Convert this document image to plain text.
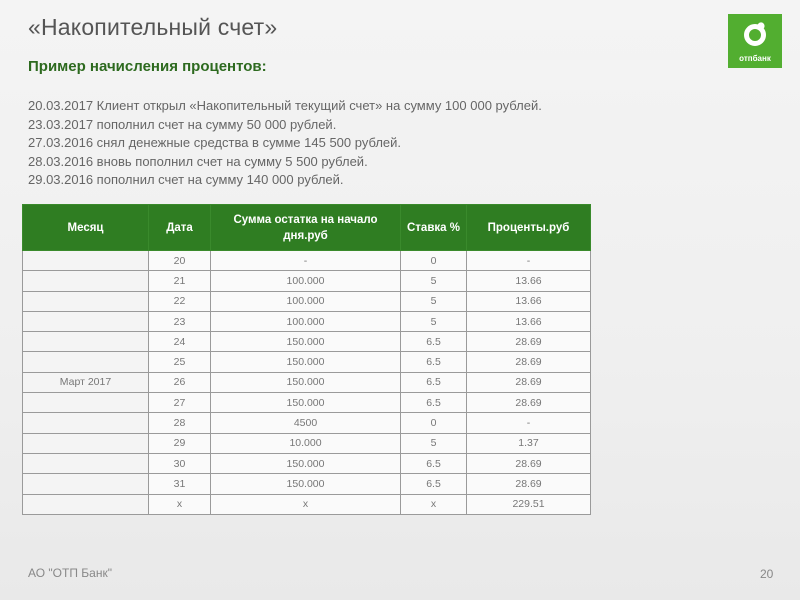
«Накопительный счет»
отпбанк
Пример начисления процентов:
20.03.2017 Клиент открыл «Накопительный текущий счет» на сумму 100 000 рублей.
23.03.2017 пополнил счет на сумму 50 000 рублей.
27.03.2016 снял денежные средства в сумме 145 500 рублей.
28.03.2016 вновь пополнил счет на сумму 5 500 рублей.
29.03.2016 пополнил счет на сумму 140 000 рублей.
Месяц	Дата	Сумма остатка на начало дня.руб	Ставка %	Проценты.руб
	20	-	0	-
	21	100.000	5	13.66
	22	100.000	5	13.66
	23	100.000	5	13.66
	24	150.000	6.5	28.69
	25	150.000	6.5	28.69
Март 2017	26	150.000	6.5	28.69
	27	150.000	6.5	28.69
	28	4500	0	-
	29	10.000	5	1.37
	30	150.000	6.5	28.69
	31	150.000	6.5	28.69
	x	x	x	229.51
АО "ОТП Банк"	20
